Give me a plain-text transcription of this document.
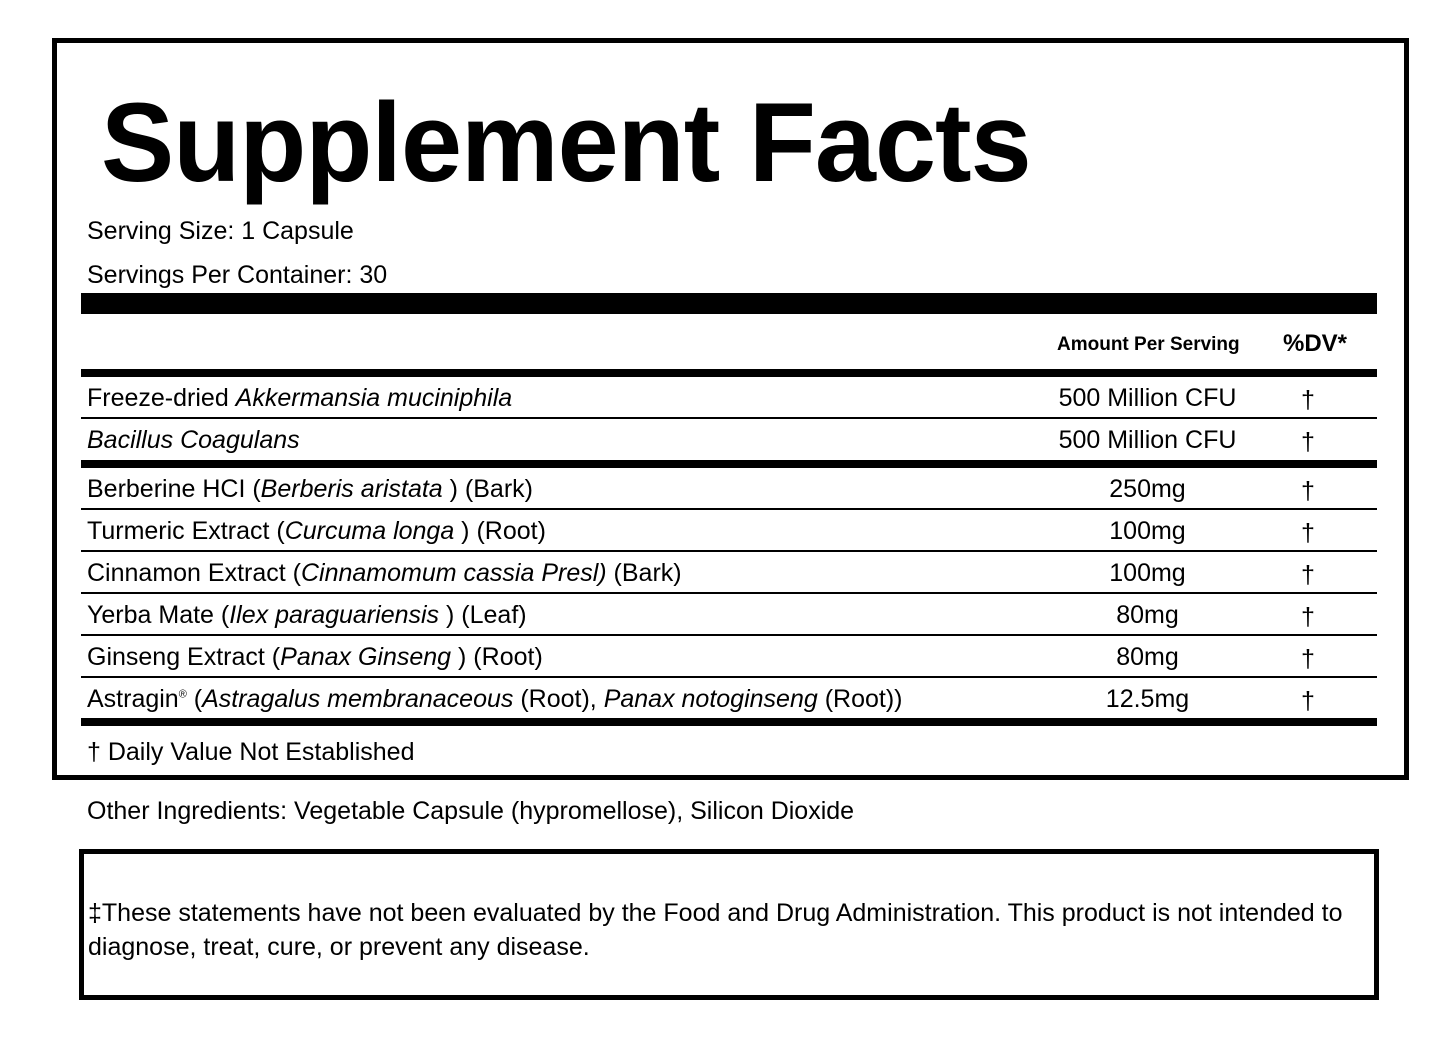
Supplement Facts
Serving Size: 1 Capsule
Servings Per Container: 30
Amount Per Serving %DV*
Freeze-dried Akkermansia muciniphila	500 Million CFU	†
Bacillus Coagulans	500 Million CFU	†
Berberine HCI (Berberis aristata ) (Bark)	250mg	†
Turmeric Extract (Curcuma longa ) (Root)	100mg	†
Cinnamon Extract (Cinnamomum cassia Presl) (Bark)	100mg	†
Yerba Mate (Ilex paraguariensis ) (Leaf)	80mg	†
Ginseng Extract (Panax Ginseng ) (Root)	80mg	†
Astragin® (Astragalus membranaceous (Root), Panax notoginseng (Root))	12.5mg	†
† Daily Value Not Established
Other Ingredients: Vegetable Capsule (hypromellose), Silicon Dioxide
‡These statements have not been evaluated by the Food and Drug Administration. This product is not intended to diagnose, treat, cure, or prevent any disease.
